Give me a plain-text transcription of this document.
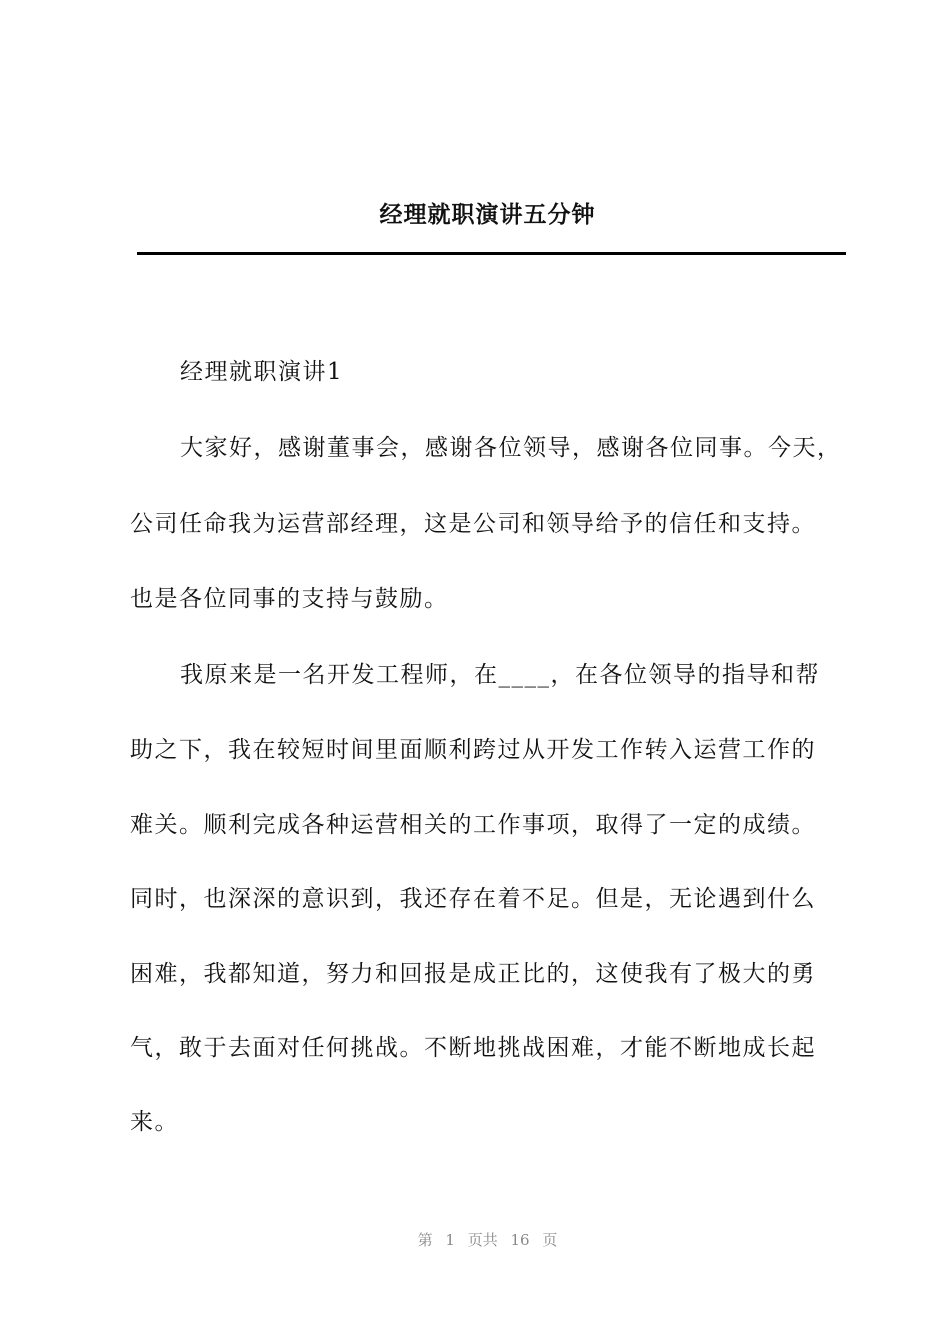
经理就职演讲五分钟
经理就职演讲1
大家好，感谢董事会，感谢各位领导，感谢各位同事。今天，
公司任命我为运营部经理，这是公司和领导给予的信任和支持。
也是各位同事的支持与鼓励。
我原来是一名开发工程师，在____，在各位领导的指导和帮
助之下，我在较短时间里面顺利跨过从开发工作转入运营工作的
难关。顺利完成各种运营相关的工作事项，取得了一定的成绩。
同时，也深深的意识到，我还存在着不足。但是，无论遇到什么
困难，我都知道，努力和回报是成正比的，这使我有了极大的勇
气，敢于去面对任何挑战。不断地挑战困难，才能不断地成长起
来。
第 1 页共 16 页
